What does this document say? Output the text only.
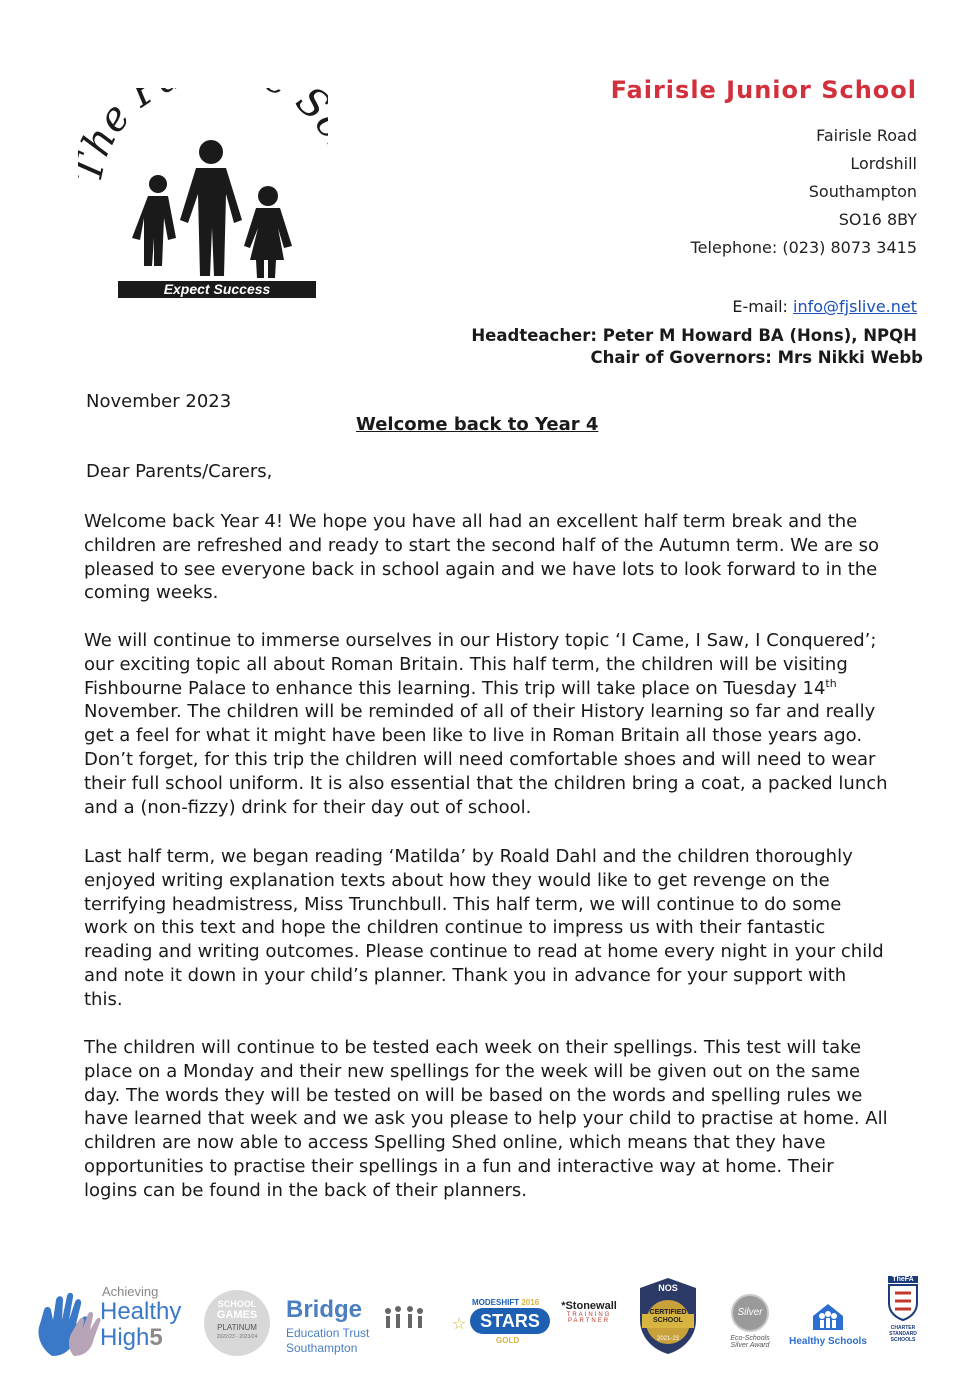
he F
Expect Success
Fairisle Junior School
Fairisle Road
Lordshill
Southampton
SO16 8BY
Telephone: (023) 8073 3415
E-mail: info@fjslive.net
Headteacher: Peter M Howard BA (Hons), NPQH
Chair of Governors: Mrs Nikki Webb
November 2023
Welcome back to Year 4
Dear Parents/Carers,
Welcome back Year 4! We hope you have all had an excellent half term break and the
children are refreshed and ready to start the second half of the Autumn term. We are so
pleased to see everyone back in school again and we have lots to look forward to in the
coming weeks.
We will continue to immerse ourselves in our History topic ‘I Came, I Saw, I Conquered’;
our exciting topic all about Roman Britain. This half term, the children will be visiting
Fishbourne Palace to enhance this learning. This trip will take place on Tuesday 14th
November. The children will be reminded of all of their History learning so far and really
get a feel for what it might have been like to live in Roman Britain all those years ago.
Don’t forget, for this trip the children will need comfortable shoes and will need to wear
their full school uniform. It is also essential that the children bring a coat, a packed lunch
and a (non-fizzy) drink for their day out of school.
Last half term, we began reading ‘Matilda’ by Roald Dahl and the children thoroughly
enjoyed writing explanation texts about how they would like to get revenge on the
terrifying headmistress, Miss Trunchbull. This half term, we will continue to do some
work on this text and hope the children continue to impress us with their fantastic
reading and writing outcomes. Please continue to read at home every night in your child
and note it down in your child’s planner. Thank you in advance for your support with
this.
The children will continue to be tested each week on their spellings. This test will take
place on a Monday and their new spellings for the week will be given out on the same
day. The words they will be tested on will be based on the words and spelling rules we
have learned that week and we ask you please to help your child to practise at home. All
children are now able to access Spelling Shed online, which means that they have
opportunities to practise their spellings in a fun and interactive way at home. Their
logins can be found in the back of their planners.
Achieving
Healthy
High5
SCHOOL
GAMES
PLATINUM
2022/23 - 2023/24
Bridge
Education Trust
Southampton
MODESHIFT 2016
STARS
GOLD
☆
*Stonewall
TRAINING
PARTNER
NOS
CERTIFIED
SCHOOL
2021-23
Silver
Eco-Schools
Silver Award	Healthy Schools
TheFA
CHARTER
STANDARD
SCHOOLS
